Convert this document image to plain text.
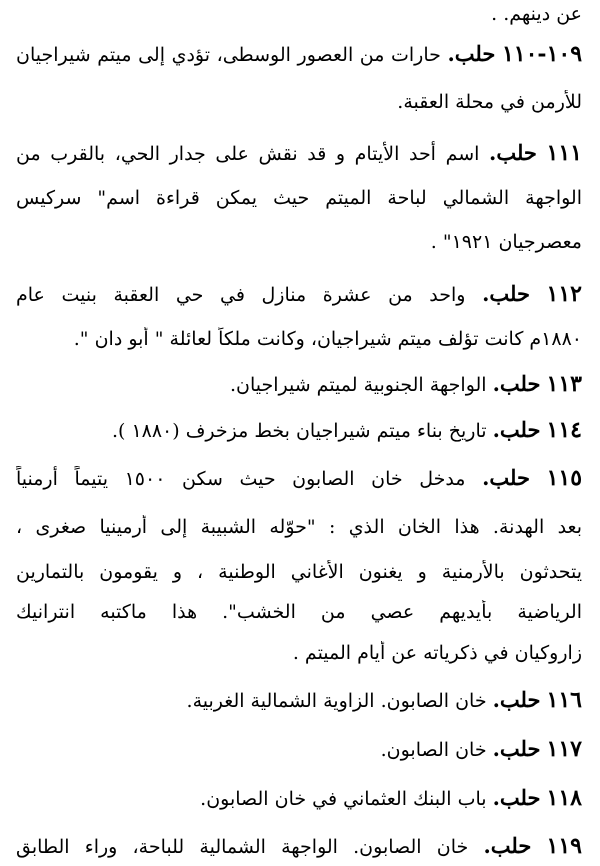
عن دينهم. .
١٠٩-١١٠ حلب. حارات من العصور الوسطى، تؤدي إلى ميتم شيراجيان
للأرمن في محلة العقبة.
١١١ حلب. اسم أحد الأيتام و قد نقش على جدار الحي، بالقرب من
الواجهة الشمالي لباحة الميتم حيث يمكن قراءة اسم" سركيس
معصرجيان ١٩٢١" .
١١٢ حلب. واحد من عشرة منازل في حي العقبة بنيت عام
١٨٨٠م كانت تؤلف ميتم شيراجيان، وكانت ملكاً لعائلة " أبو دان ".
١١٣ حلب. الواجهة الجنوبية لميتم شيراجيان.
١١٤ حلب. تاريخ بناء ميتم شيراجيان بخط مزخرف (١٨٨٠ ).
١١٥ حلب. مدخل خان الصابون حيث سكن ١٥٠٠ يتيماً أرمنياً
بعد الهدنة. هذا الخان الذي : "حوّله الشبيبة إلى أرمينيا صغرى ،
يتحدثون بالأرمنية و يغنون الأغاني الوطنية ، و يقومون بالتمارين
الرياضية بأيديهم عصي من الخشب". هذا ماكتبه انترانيك
زاروكيان في ذكرياته عن أيام الميتم .
١١٦ حلب. خان الصابون. الزاوية الشمالية الغربية.
١١٧ حلب. خان الصابون.
١١٨ حلب. باب البنك العثماني في خان الصابون.
١١٩ حلب. خان الصابون. الواجهة الشمالية للباحة، وراء الطابق
